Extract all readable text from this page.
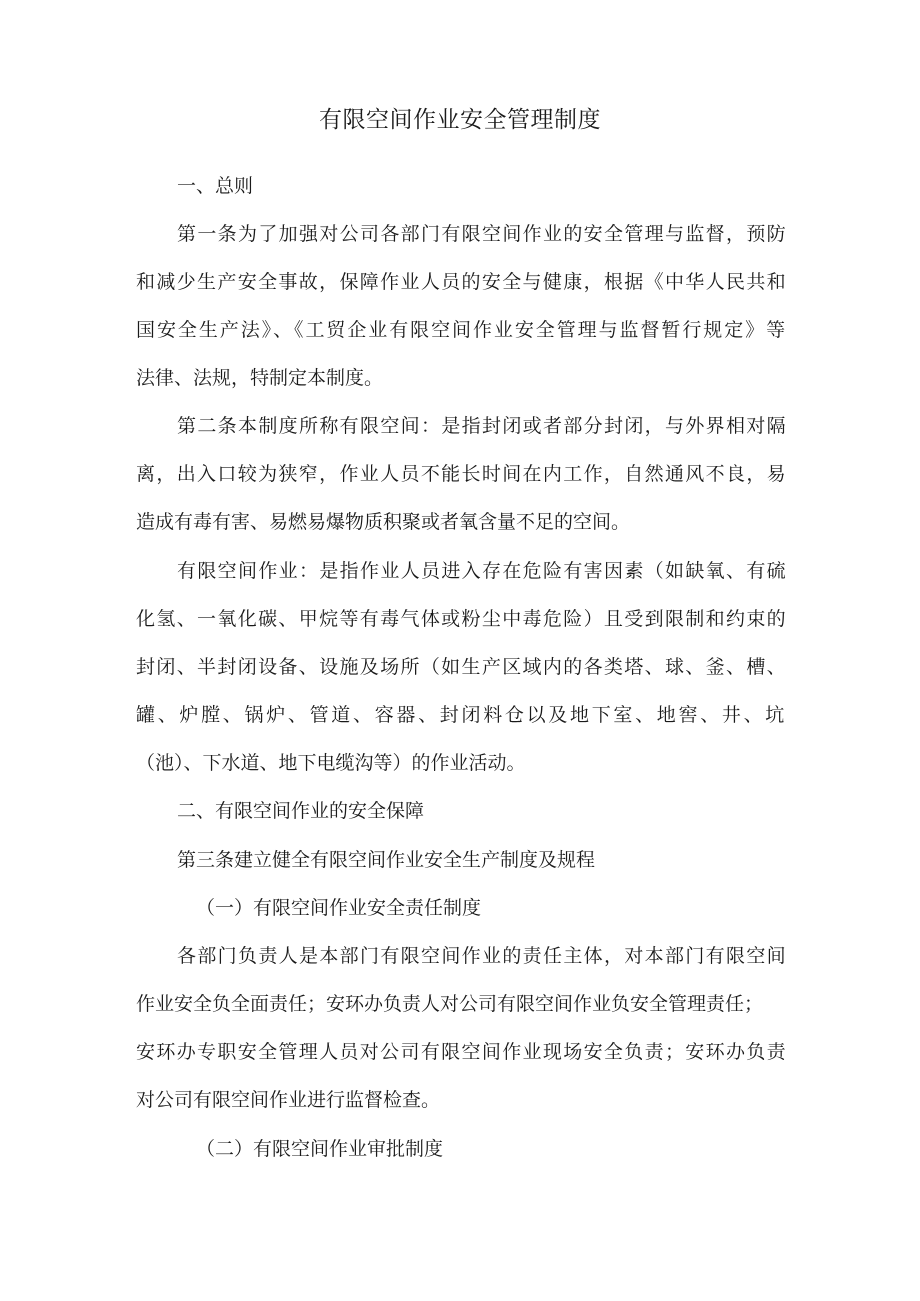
有限空间作业安全管理制度
一、总则
第一条为了加强对公司各部门有限空间作业的安全管理与监督，预防
和减少生产安全事故，保障作业人员的安全与健康，根据《中华人民共和
国安全生产法》、《工贸企业有限空间作业安全管理与监督暂行规定》等
法律、法规，特制定本制度。
第二条本制度所称有限空间：是指封闭或者部分封闭，与外界相对隔
离，出入口较为狭窄，作业人员不能长时间在内工作，自然通风不良，易
造成有毒有害、易燃易爆物质积聚或者氧含量不足的空间。
有限空间作业：是指作业人员进入存在危险有害因素（如缺氧、有硫
化氢、一氧化碳、甲烷等有毒气体或粉尘中毒危险）且受到限制和约束的
封闭、半封闭设备、设施及场所（如生产区域内的各类塔、球、釜、槽、
罐、炉膛、锅炉、管道、容器、封闭料仓以及地下室、地窖、井、坑
（池）、下水道、地下电缆沟等）的作业活动。
二、有限空间作业的安全保障
第三条建立健全有限空间作业安全生产制度及规程
（一）有限空间作业安全责任制度
各部门负责人是本部门有限空间作业的责任主体，对本部门有限空间
作业安全负全面责任；安环办负责人对公司有限空间作业负安全管理责任；
安环办专职安全管理人员对公司有限空间作业现场安全负责；安环办负责
对公司有限空间作业进行监督检查。
（二）有限空间作业审批制度
